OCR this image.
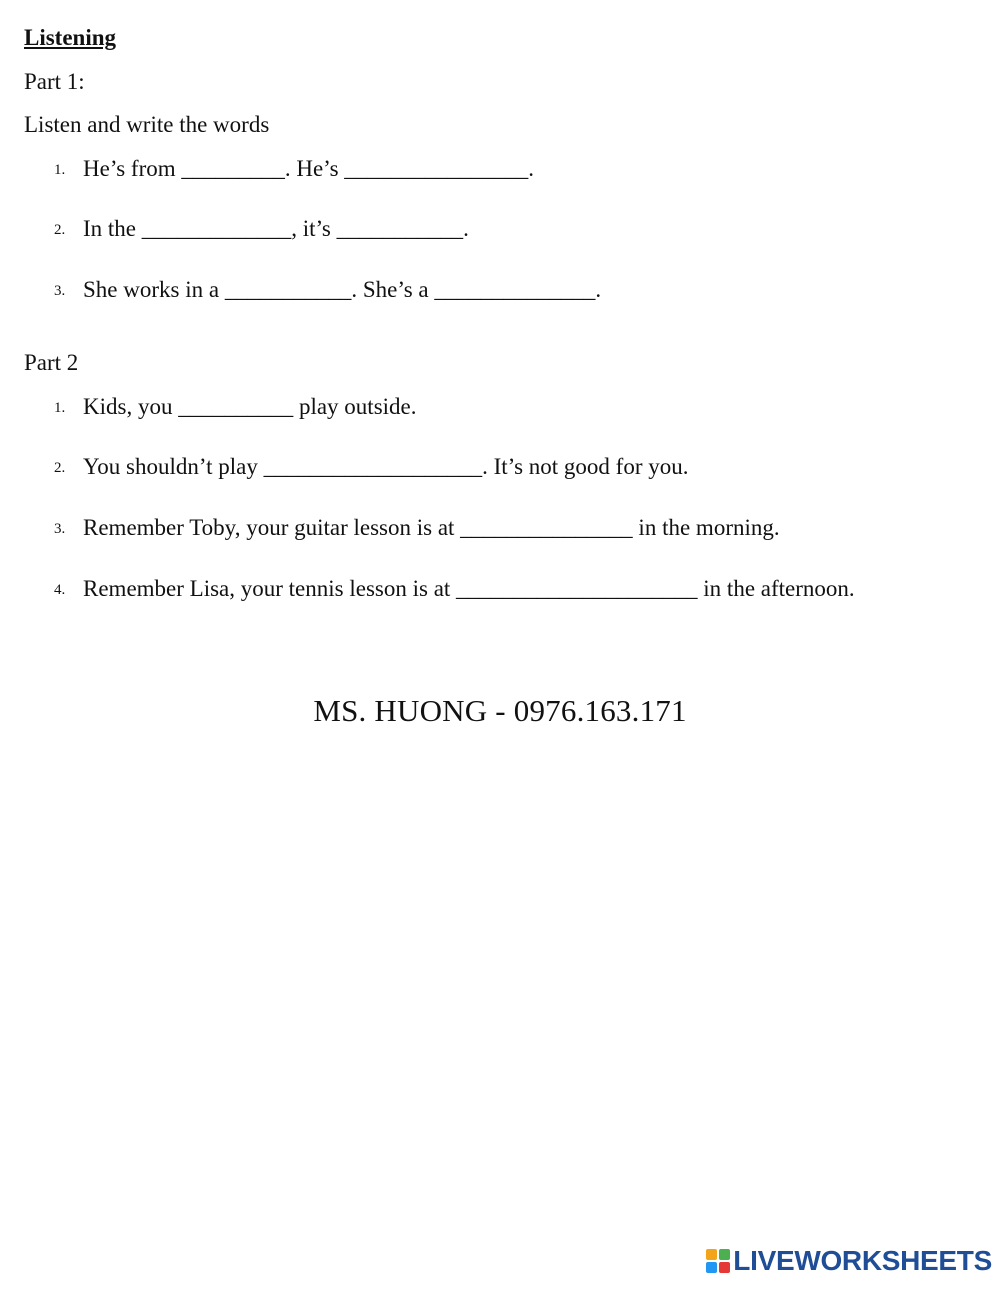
Listening

Part 1:

Listen and write the words

1. He’s from _________. He’s ________________.
2. In the _____________, it’s ___________.
3. She works in a ___________. She’s a ______________.

Part 2

1. Kids, you __________ play outside.
2. You shouldn’t play ___________________. It’s not good for you.
3. Remember Toby, your guitar lesson is at _______________ in the morning.
4. Remember Lisa, your tennis lesson is at _____________________ in the afternoon.
MS. HUONG - 0976.163.171
LIVEWORKSHEETS
